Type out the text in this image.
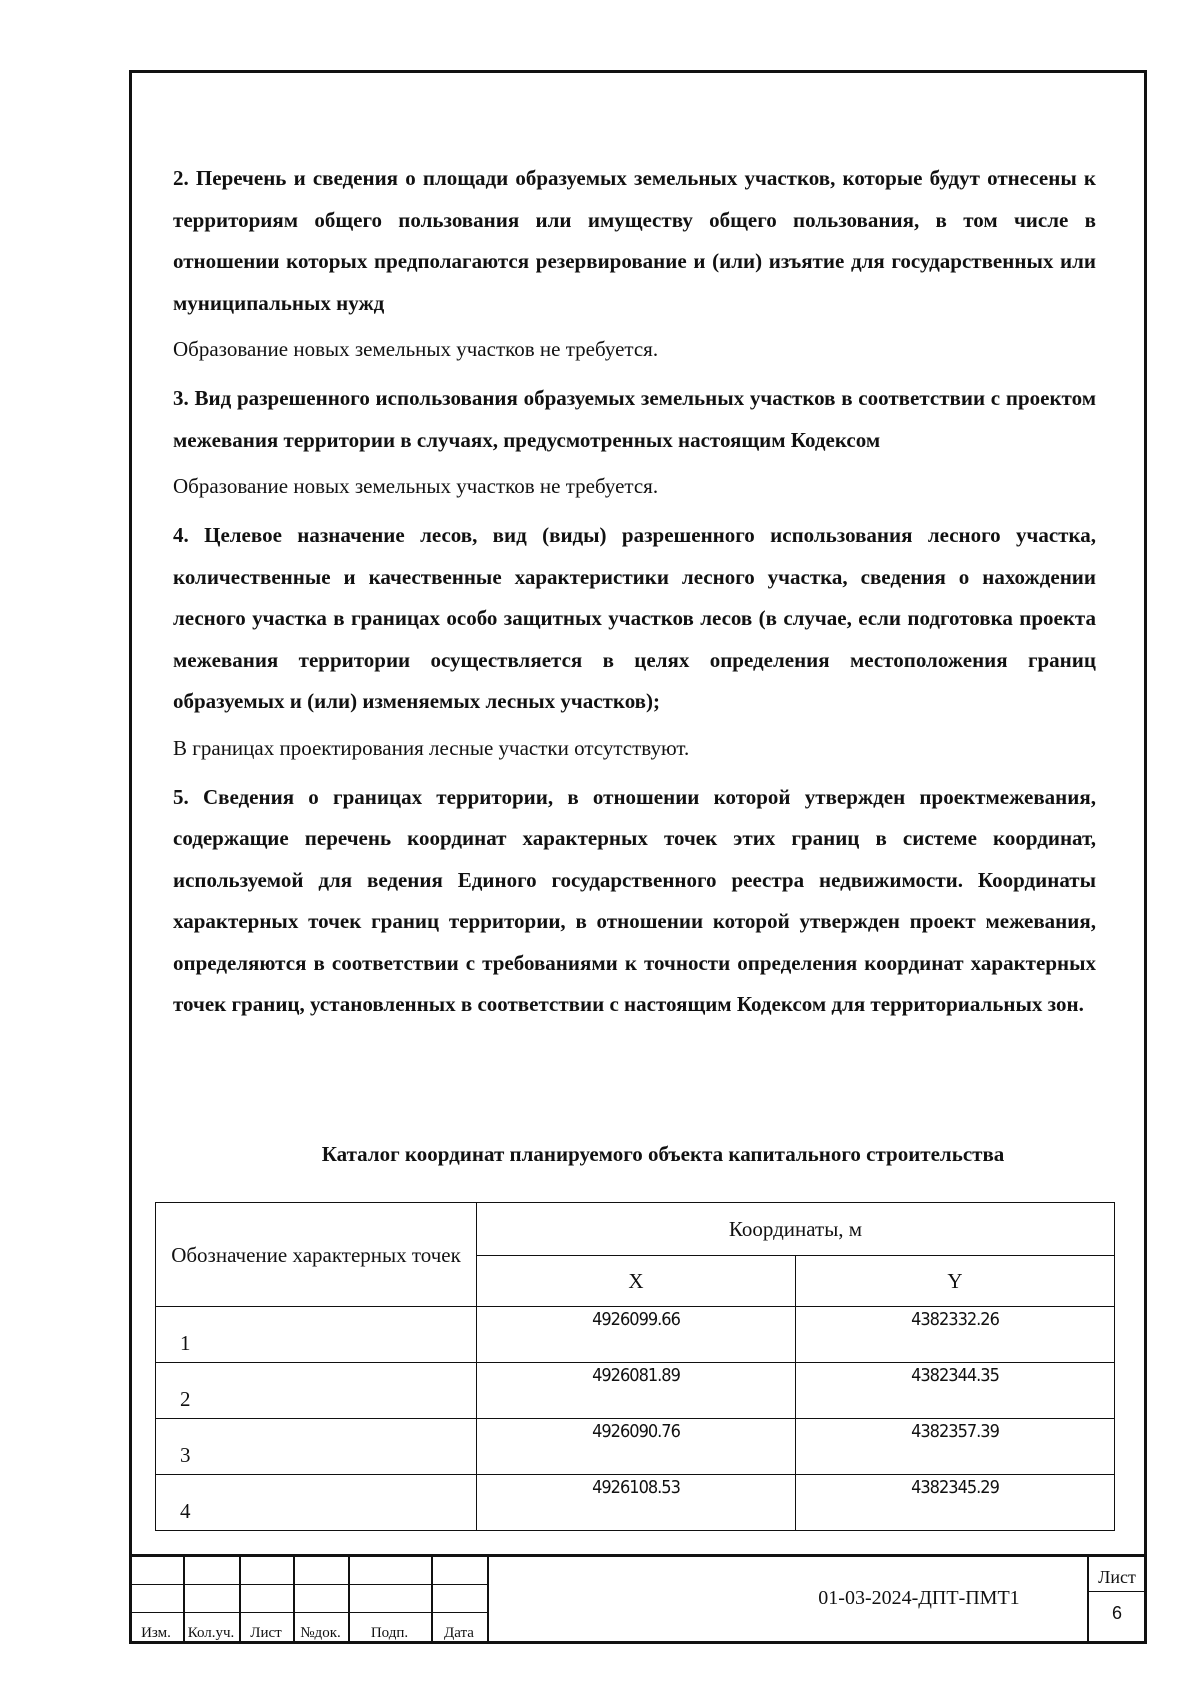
2. Перечень и сведения о площади образуемых земельных участков, которые будут отнесены к территориям общего пользования или имуществу общего пользования, в том числе в отношении которых предполагаются резервирование и (или) изъятие для государственных или муниципальных нужд

Образование новых земельных участков не требуется.

3. Вид разрешенного использования образуемых земельных участков в соответствии с проектом межевания территории в случаях, предусмотренных настоящим Кодексом

Образование новых земельных участков не требуется.

4. Целевое назначение лесов, вид (виды) разрешенного использования лесного участка, количественные и качественные характеристики лесного участка, сведения о нахождении лесного участка в границах особо защитных участков лесов (в случае, если подготовка проекта межевания территории осуществляется в целях определения местоположения границ образуемых и (или) изменяемых лесных участков);

В границах проектирования лесные участки отсутствуют.

5. Сведения о границах территории, в отношении которой утвержден проектмежевания, содержащие перечень координат характерных точек этих границ в системе координат, используемой для ведения Единого государственного реестра недвижимости. Координаты характерных точек границ территории, в отношении которой утвержден проект межевания, определяются в соответствии с требованиями к точности определения координат характерных точек границ, установленных в соответствии с настоящим Кодексом для территориальных зон.

Каталог координат планируемого объекта капитального строительства
Обозначение характерных точек	Координаты, м	
	X	Y
1	4926099.66	4382332.26
2	4926081.89	4382344.35
3	4926090.76	4382357.39
4	4926108.53	4382345.29
Изм.	Кол.уч.	Лист	№док.	Подп.	Дата
01-03-2024-ДПТ-ПМТ1
Лист
6
